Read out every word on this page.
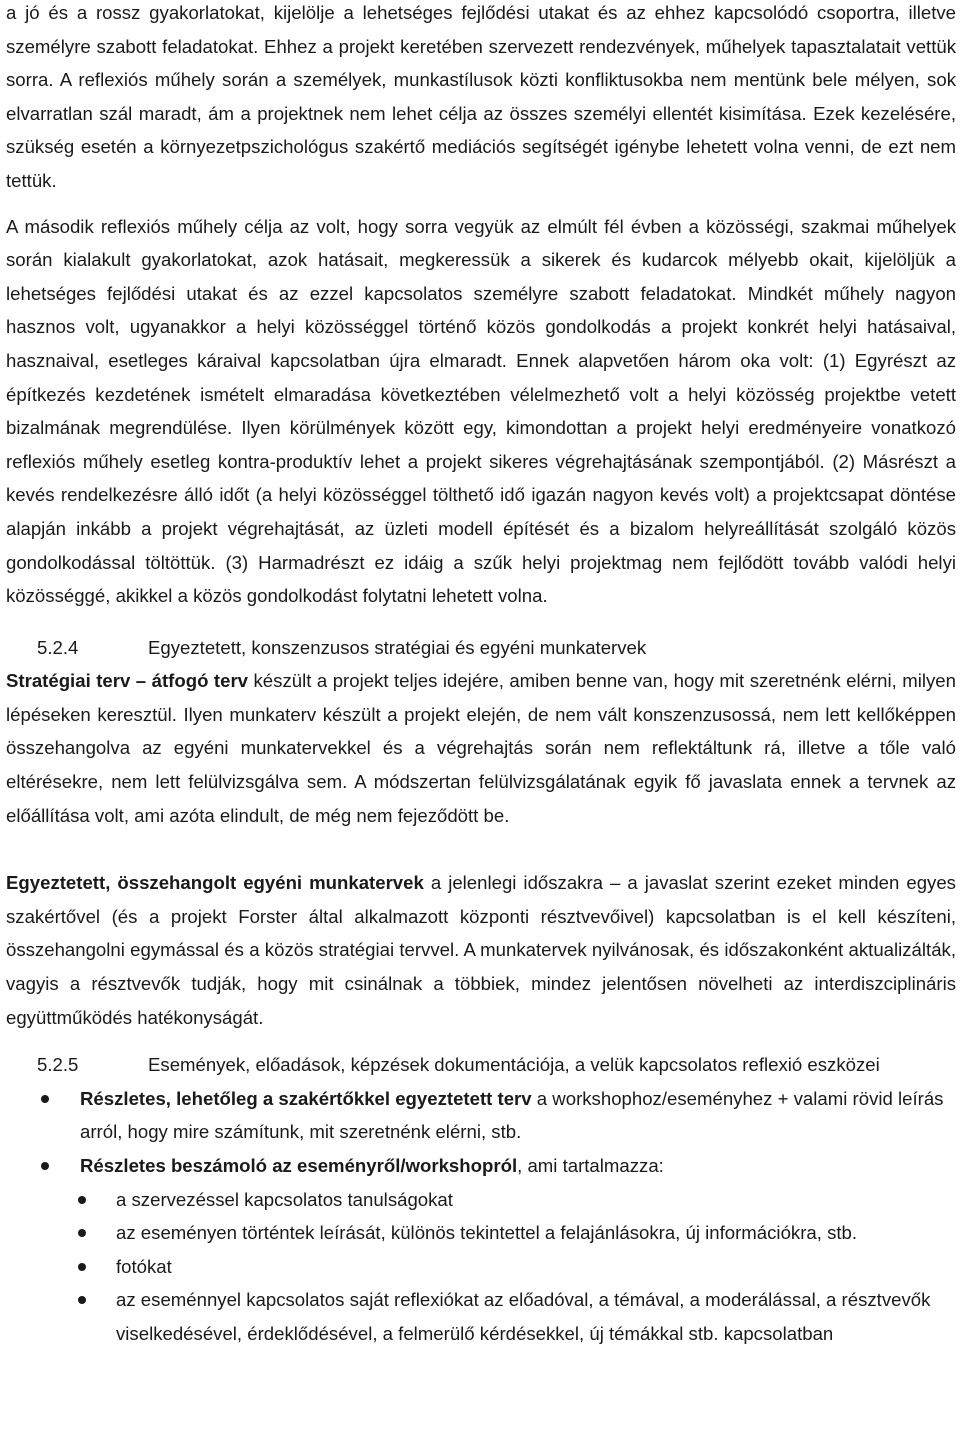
a jó és a rossz gyakorlatokat, kijelölje a lehetséges fejlődési utakat és az ehhez kapcsolódó csoportra, illetve személyre szabott feladatokat. Ehhez a projekt keretében szervezett rendezvények, műhelyek tapasztalatait vettük sorra. A reflexiós műhely során a személyek, munkastílusok közti konfliktusokba nem mentünk bele mélyen, sok elvarratlan szál maradt, ám a projektnek nem lehet célja az összes személyi ellentét kisimítása. Ezek kezelésére, szükség esetén a környezetpszichológus szakértő mediációs segítségét igénybe lehetett volna venni, de ezt nem tettük.

A második reflexiós műhely célja az volt, hogy sorra vegyük az elmúlt fél évben a közösségi, szakmai műhelyek során kialakult gyakorlatokat, azok hatásait, megkeressük a sikerek és kudarcok mélyebb okait, kijelöljük a lehetséges fejlődési utakat és az ezzel kapcsolatos személyre szabott feladatokat. Mindkét műhely nagyon hasznos volt, ugyanakkor a helyi közösséggel történő közös gondolkodás a projekt konkrét helyi hatásaival, hasznaival, esetleges káraival kapcsolatban újra elmaradt. Ennek alapvetően három oka volt: (1) Egyrészt az építkezés kezdetének ismételt elmaradása következtében vélelmezhető volt a helyi közösség projektbe vetett bizalmának megrendülése. Ilyen körülmények között egy, kimondottan a projekt helyi eredményeire vonatkozó reflexiós műhely esetleg kontra-produktív lehet a projekt sikeres végrehajtásának szempontjából. (2) Másrészt a kevés rendelkezésre álló időt (a helyi közösséggel tölthető idő igazán nagyon kevés volt) a projektcsapat döntése alapján inkább a projekt végrehajtását, az üzleti modell építését és a bizalom helyreállítását szolgáló közös gondolkodással töltöttük. (3) Harmadrészt ez idáig a szűk helyi projektmag nem fejlődött tovább valódi helyi közösséggé, akikkel a közös gondolkodást folytatni lehetett volna.

5.2.4	Egyeztetett, konszenzusos stratégiai és egyéni munkatervek

Stratégiai terv – átfogó terv készült a projekt teljes idejére, amiben benne van, hogy mit szeretnénk elérni, milyen lépéseken keresztül. Ilyen munkaterv készült a projekt elején, de nem vált konszenzusossá, nem lett kellőképpen összehangolva az egyéni munkatervekkel és a végrehajtás során nem reflektáltunk rá, illetve a tőle való eltérésekre, nem lett felülvizsgálva sem. A módszertan felülvizsgálatának egyik fő javaslata ennek a tervnek az előállítása volt, ami azóta elindult, de még nem fejeződött be.

Egyeztetett, összehangolt egyéni munkatervek a jelenlegi időszakra – a javaslat szerint ezeket minden egyes szakértővel (és a projekt Forster által alkalmazott központi résztvevőivel) kapcsolatban is el kell készíteni, összehangolni egymással és a közös stratégiai tervvel. A munkatervek nyilvánosak, és időszakonként aktualizálták, vagyis a résztvevők tudják, hogy mit csinálnak a többiek, mindez jelentősen növelheti az interdiszciplináris együttműködés hatékonyságát.

5.2.5	Események, előadások, képzések dokumentációja, a velük kapcsolatos reflexió eszközei
Részletes, lehetőleg a szakértőkkel egyeztetett terv a workshophoz/eseményhez + valami rövid leírás arról, hogy mire számítunk, mit szeretnénk elérni, stb.
Részletes beszámoló az eseményről/workshopról, ami tartalmazza:
a szervezéssel kapcsolatos tanulságokat
az eseményen történtek leírását, különös tekintettel a felajánlásokra, új információkra, stb.
fotókat
az eseménnyel kapcsolatos saját reflexiókat az előadóval, a témával, a moderálással, a résztvevők viselkedésével, érdeklődésével, a felmerülő kérdésekkel, új témákkal stb. kapcsolatban
